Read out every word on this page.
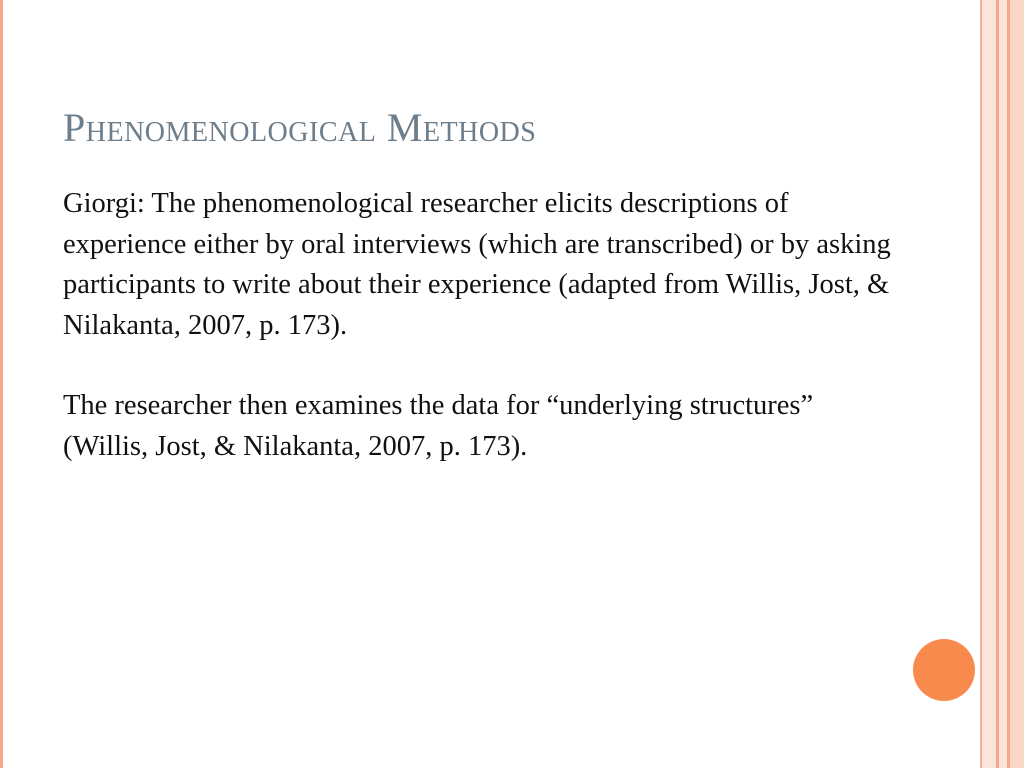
Phenomenological Methods

Giorgi: The phenomenological researcher elicits descriptions of experience either by oral interviews (which are transcribed) or by asking participants to write about their experience (adapted from Willis, Jost, & Nilakanta, 2007, p. 173).

The researcher then examines the data for “underlying structures” (Willis, Jost, & Nilakanta, 2007, p. 173).
